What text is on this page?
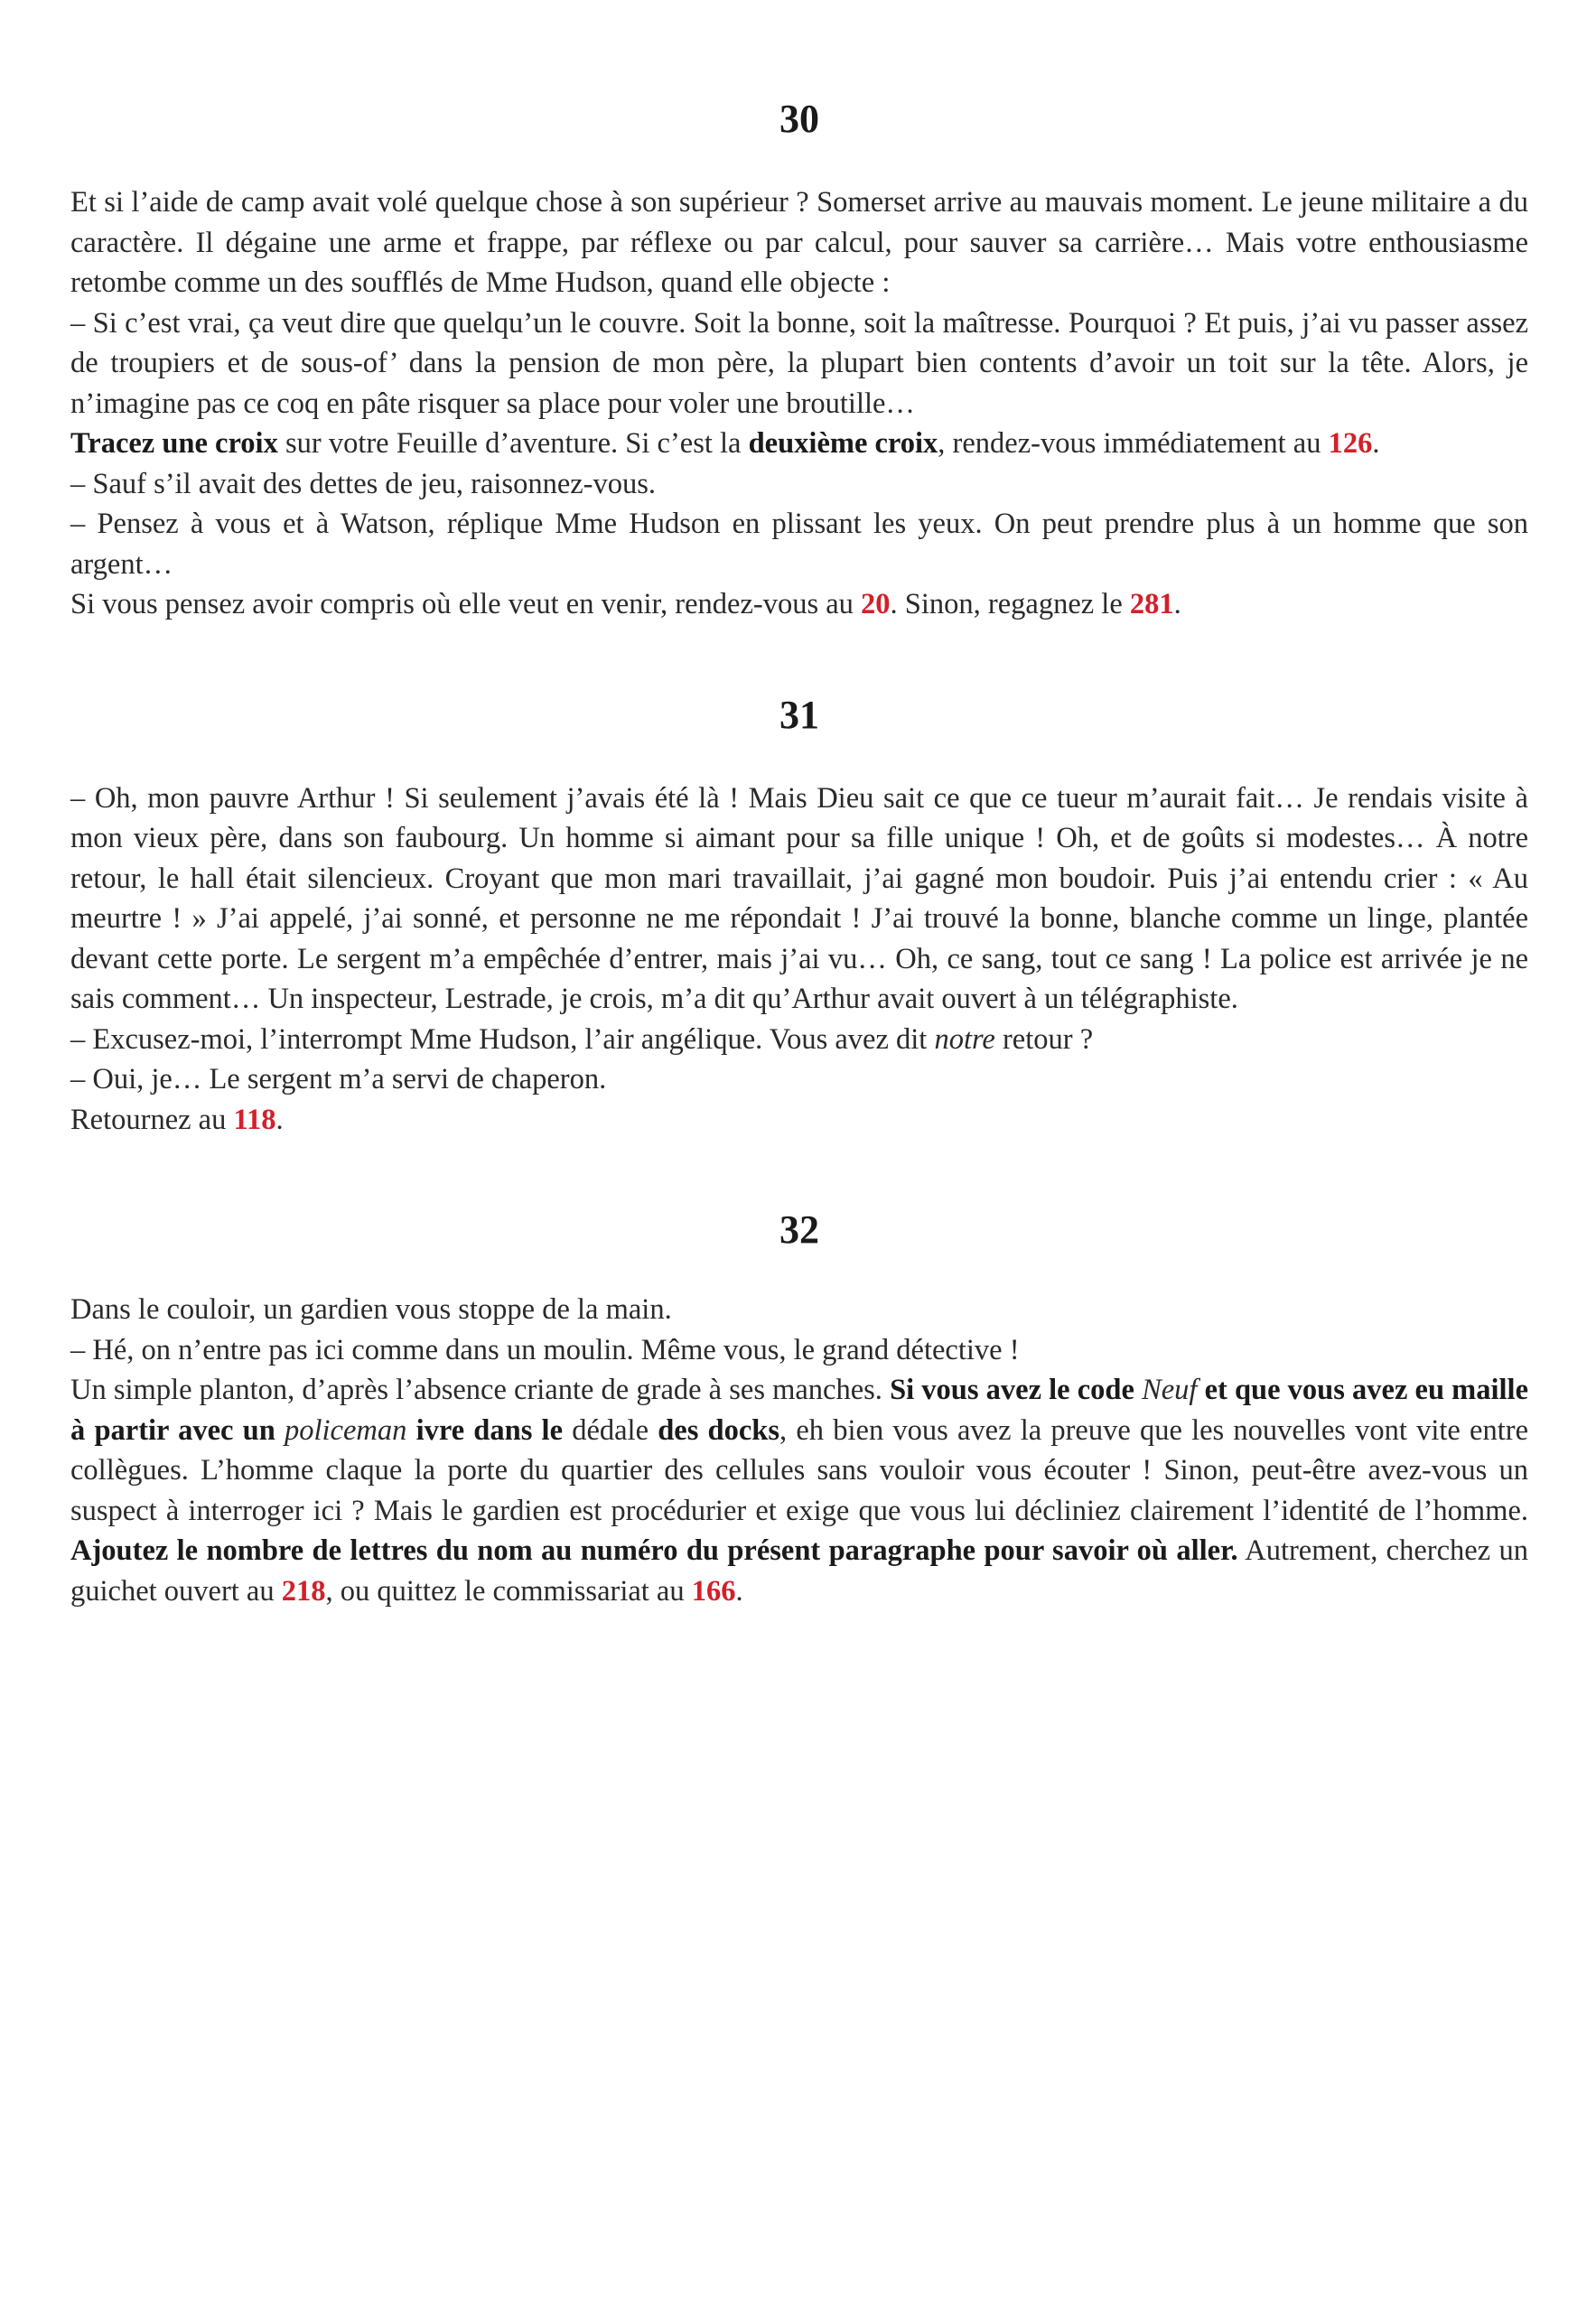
30

Et si l’aide de camp avait volé quelque chose à son supérieur ? Somerset arrive au mauvais moment. Le jeune militaire a du caractère. Il dégaine une arme et frappe, par réflexe ou par calcul, pour sauver sa carrière… Mais votre enthousiasme retombe comme un des soufflés de Mme Hudson, quand elle objecte :

– Si c’est vrai, ça veut dire que quelqu’un le couvre. Soit la bonne, soit la maîtresse. Pourquoi ? Et puis, j’ai vu passer assez de troupiers et de sous-of’ dans la pension de mon père, la plupart bien contents d’avoir un toit sur la tête. Alors, je n’imagine pas ce coq en pâte risquer sa place pour voler une broutille…

Tracez une croix sur votre Feuille d’aventure. Si c’est la deuxième croix, rendez-vous immédiatement au 126.

– Sauf s’il avait des dettes de jeu, raisonnez-vous.

– Pensez à vous et à Watson, réplique Mme Hudson en plissant les yeux. On peut prendre plus à un homme que son argent…

Si vous pensez avoir compris où elle veut en venir, rendez-vous au 20. Sinon, regagnez le 281.

31

– Oh, mon pauvre Arthur ! Si seulement j’avais été là ! Mais Dieu sait ce que ce tueur m’aurait fait… Je rendais visite à mon vieux père, dans son faubourg. Un homme si aimant pour sa fille unique ! Oh, et de goûts si modestes… À notre retour, le hall était silencieux. Croyant que mon mari travaillait, j’ai gagné mon boudoir. Puis j’ai entendu crier : « Au meurtre ! » J’ai appelé, j’ai sonné, et personne ne me répondait ! J’ai trouvé la bonne, blanche comme un linge, plantée devant cette porte. Le sergent m’a empêchée d’entrer, mais j’ai vu… Oh, ce sang, tout ce sang ! La police est arrivée je ne sais comment… Un inspecteur, Lestrade, je crois, m’a dit qu’Arthur avait ouvert à un télégraphiste.

– Excusez-moi, l’interrompt Mme Hudson, l’air angélique. Vous avez dit notre retour ?

– Oui, je… Le sergent m’a servi de chaperon.

Retournez au 118.

32

Dans le couloir, un gardien vous stoppe de la main.

– Hé, on n’entre pas ici comme dans un moulin. Même vous, le grand détective !

Un simple planton, d’après l’absence criante de grade à ses manches. Si vous avez le code Neuf et que vous avez eu maille à partir avec un policeman ivre dans le dédale des docks, eh bien vous avez la preuve que les nouvelles vont vite entre collègues. L’homme claque la porte du quartier des cellules sans vouloir vous écouter ! Sinon, peut-être avez-vous un suspect à interroger ici ? Mais le gardien est procédurier et exige que vous lui décliniez clairement l’identité de l’homme. Ajoutez le nombre de lettres du nom au numéro du présent paragraphe pour savoir où aller. Autrement, cherchez un guichet ouvert au 218, ou quittez le commissariat au 166.
